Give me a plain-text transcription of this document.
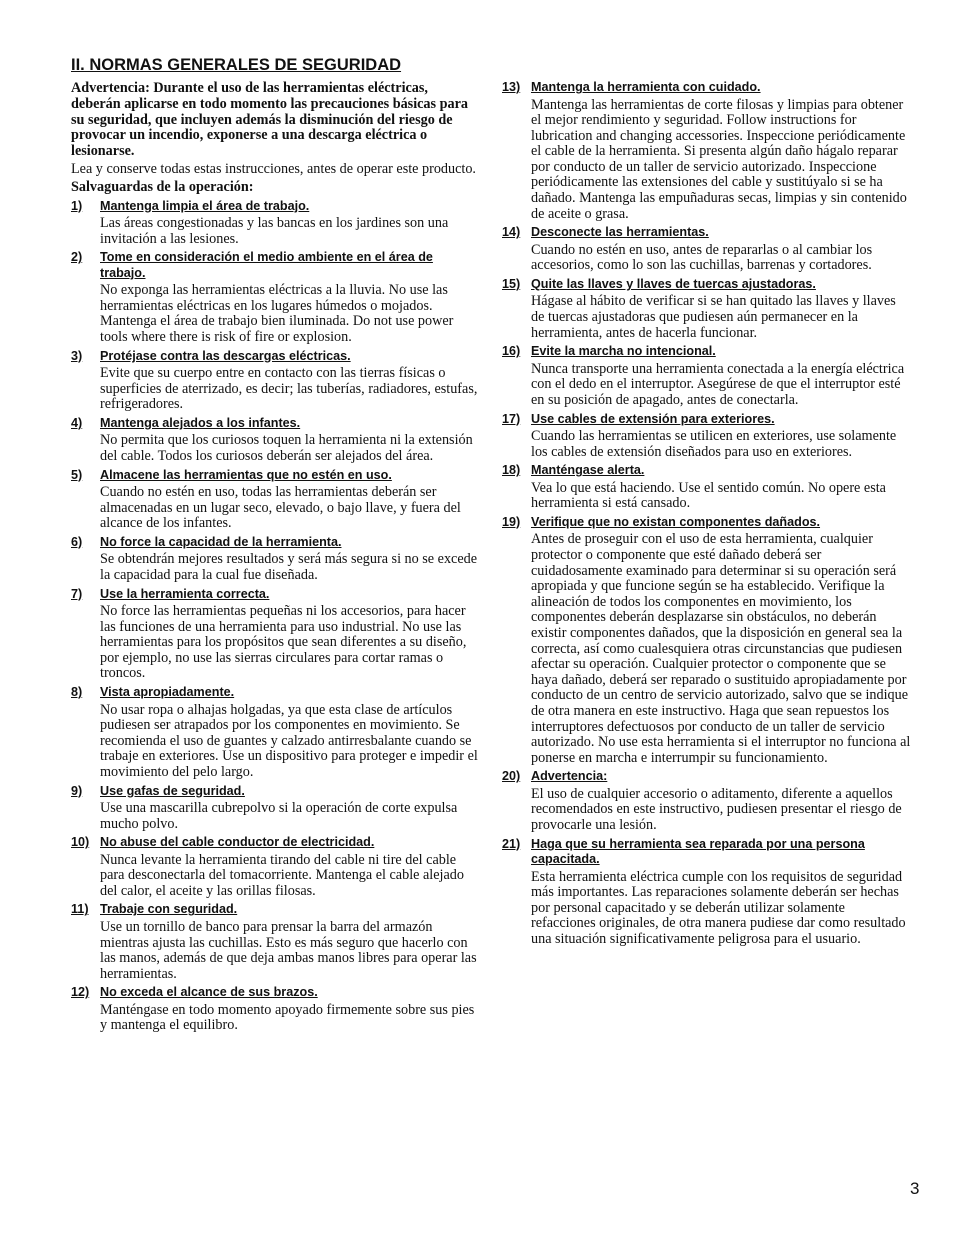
II. NORMAS GENERALES DE SEGURIDAD

Advertencia: Durante el uso de las herramientas eléctricas, deberán aplicarse en todo momento las precauciones básicas para su seguridad, que incluyen además la disminución del riesgo de provocar un incendio, exponerse a una descarga eléctrica o lesionarse.

Lea y conserve todas estas instrucciones, antes de operar este producto.

Salvaguardas de la operación:

1)	Mantenga limpia el área de trabajo.

Las áreas congestionadas y las bancas en los jardines son una invitación a las lesiones.

2)	Tome en consideración el medio ambiente en el área de trabajo.

No exponga las herramientas eléctricas a la lluvia. No use las herramientas eléctricas en los lugares húmedos o mojados. Mantenga el área de trabajo bien iluminada. Do not use power tools where there is risk of fire or explosion.

3)	Protéjase contra las descargas eléctricas.

Evite que su cuerpo entre en contacto con las tierras físicas o superficies de aterrizado, es decir; las tuberías, radiadores, estufas, refrigeradores.

4)	Mantenga alejados a los infantes.

No permita que los curiosos toquen la herramienta ni la extensión del cable. Todos los curiosos deberán ser alejados del área.

5)	Almacene las herramientas que no estén en uso.

Cuando no estén en uso, todas las herramientas deberán ser almacenadas en un lugar seco, elevado, o bajo llave, y fuera del alcance de los infantes.

6)	No force la capacidad de la herramienta.

Se obtendrán mejores resultados y será más segura si no se excede la capacidad para la cual fue diseñada.

7)	Use la herramienta correcta.

No force las herramientas pequeñas ni los accesorios, para hacer las funciones de una herramienta para uso industrial. No use las herramientas para los propósitos que sean diferentes a su diseño, por ejemplo, no use las sierras circulares para cortar ramas o troncos.

8)	Vista apropiadamente.

No usar ropa o alhajas holgadas, ya que esta clase de artículos pudiesen ser atrapados por los componentes en movimiento. Se recomienda el uso de guantes y calzado antirresbalante cuando se trabaje en exteriores. Use un dispositivo para proteger e impedir el movimiento del pelo largo.

9)	Use gafas de seguridad.

Use una mascarilla cubrepolvo si la operación de corte expulsa mucho polvo.

10) No abuse del cable conductor de electricidad.

Nunca levante la herramienta tirando del cable ni tire del cable para desconectarla del tomacorriente. Mantenga el cable alejado del calor, el aceite y las orillas filosas.

11) Trabaje con seguridad.

Use un tornillo de banco para prensar la barra del armazón mientras ajusta las cuchillas. Esto es más seguro que hacerlo con las manos, además de que deja ambas manos libres para operar las herramientas.

12) No exceda el alcance de sus brazos.

Manténgase en todo momento apoyado firmemente sobre sus pies y mantenga el equilibro.

13) Mantenga la herramienta con cuidado.

Mantenga las herramientas de corte filosas y limpias para obtener el mejor rendimiento y seguridad. Follow instructions for lubrication and changing accessories. Inspeccione periódicamente el cable de la herramienta. Si presenta algún daño hágalo reparar por conducto de un taller de servicio autorizado. Inspeccione periódicamente las extensiones del cable y sustitúyalo si se ha dañado. Mantenga las empuñaduras secas, limpias y sin contenido de aceite o grasa.

14) Desconecte las herramientas.

Cuando no estén en uso, antes de repararlas o al cambiar los accesorios, como lo son las cuchillas, barrenas y cortadores.

15) Quite las llaves y llaves de tuercas ajustadoras.

Hágase al hábito de verificar si se han quitado las llaves y llaves de tuercas ajustadoras que pudiesen aún permanecer en la herramienta, antes de hacerla funcionar.

16) Evite la marcha no intencional.

Nunca transporte una herramienta conectada a la energía eléctrica con el dedo en el interruptor. Asegúrese de que el interruptor esté en su posición de apagado, antes de conectarla.

17) Use cables de extensión para exteriores.

Cuando las herramientas se utilicen en exteriores, use solamente los cables de extensión diseñados para uso en exteriores.

18) Manténgase alerta.

Vea lo que está haciendo. Use el sentido común. No opere esta herramienta si está cansado.

19) Verifique que no existan componentes dañados.

Antes de proseguir con el uso de esta herramienta, cualquier protector o componente que esté dañado deberá ser cuidadosamente examinado para determinar si su operación será apropiada y que funcione según se ha establecido. Verifique la alineación de todos los componentes en movimiento, los componentes deberán desplazarse sin obstáculos, no deberán existir componentes dañados, que la disposición en general sea la correcta, así como cualesquiera otras circunstancias que pudiesen afectar su operación. Cualquier protector o componente que se haya dañado, deberá ser reparado o sustituido apropiadamente por conducto de un centro de servicio autorizado, salvo que se indique de otra manera en este instructivo. Haga que sean repuestos los interruptores defectuosos por conducto de un taller de servicio autorizado. No use esta herramienta si el interruptor no funciona al ponerse en marcha e interrumpir su funcionamiento.

20) Advertencia:

El uso de cualquier accesorio o aditamento, diferente a aquellos recomendados en este instructivo, pudiesen presentar el riesgo de provocarle una lesión.

21) Haga que su herramienta sea reparada por una persona capacitada.

Esta herramienta eléctrica cumple con los requisitos de seguridad más importantes. Las reparaciones solamente deberán ser hechas por personal capacitado y se deberán utilizar solamente refacciones originales, de otra manera pudiese dar como resultado una situación significativamente peligrosa para el usuario.

3
